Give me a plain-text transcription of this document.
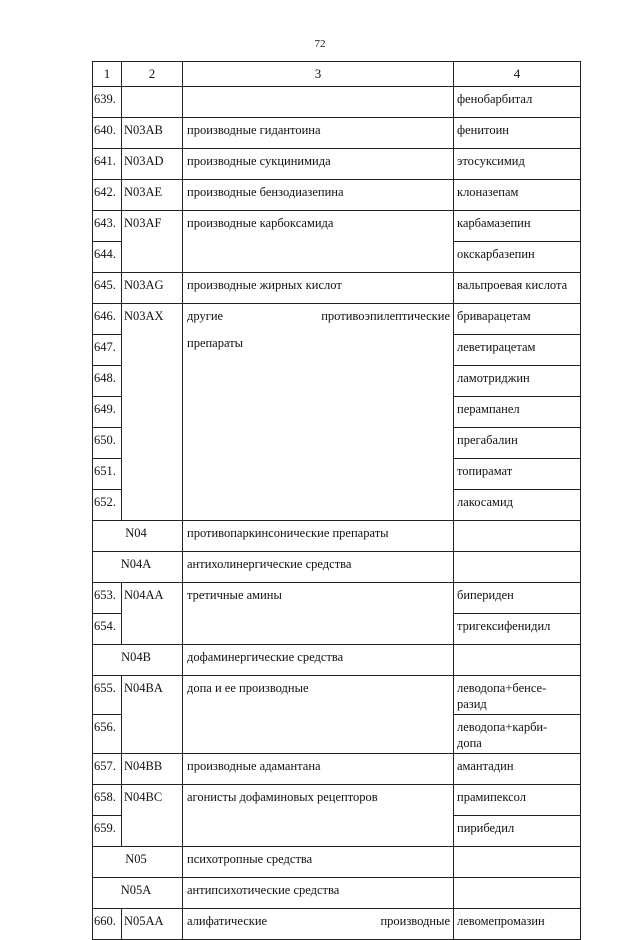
72
1	2	3	4
639.			фенобарбитал
640.	N03AB	производные гидантоина	фенитоин
641.	N03AD	производные сукцинимида	этосуксимид
642.	N03AE	производные бензодиазепина	клоназепам
643.	N03AF	производные карбоксамида	карбамазепин
644.			окскарбазепин
645.	N03AG	производные жирных кислот	вальпроевая кислота
646.	N03AX	другие противоэпилептические	бриварацетам
647.		препараты	леветирацетам
648.			ламотриджин
649.			перампанел
650.			прегабалин
651.			топирамат
652.			лакосамид
N04		противопаркинсонические препараты	
N04A		антихолинергические средства	
653.	N04AA	третичные амины	бипериден
654.			тригексифенидил
N04B		дофаминергические средства	
655.	N04BA	допа и ее производные	леводопа+бенсе-
разид

656.			леводопа+карби-
допа

657.	N04BB	производные адамантана	амантадин
658.	N04BC	агонисты дофаминовых рецепторов	прамипексол
659.			пирибедил
N05		психотропные средства	
N05A		антипсихотические средства	
660.	N05AA	алифатические производные	левомепромазин
